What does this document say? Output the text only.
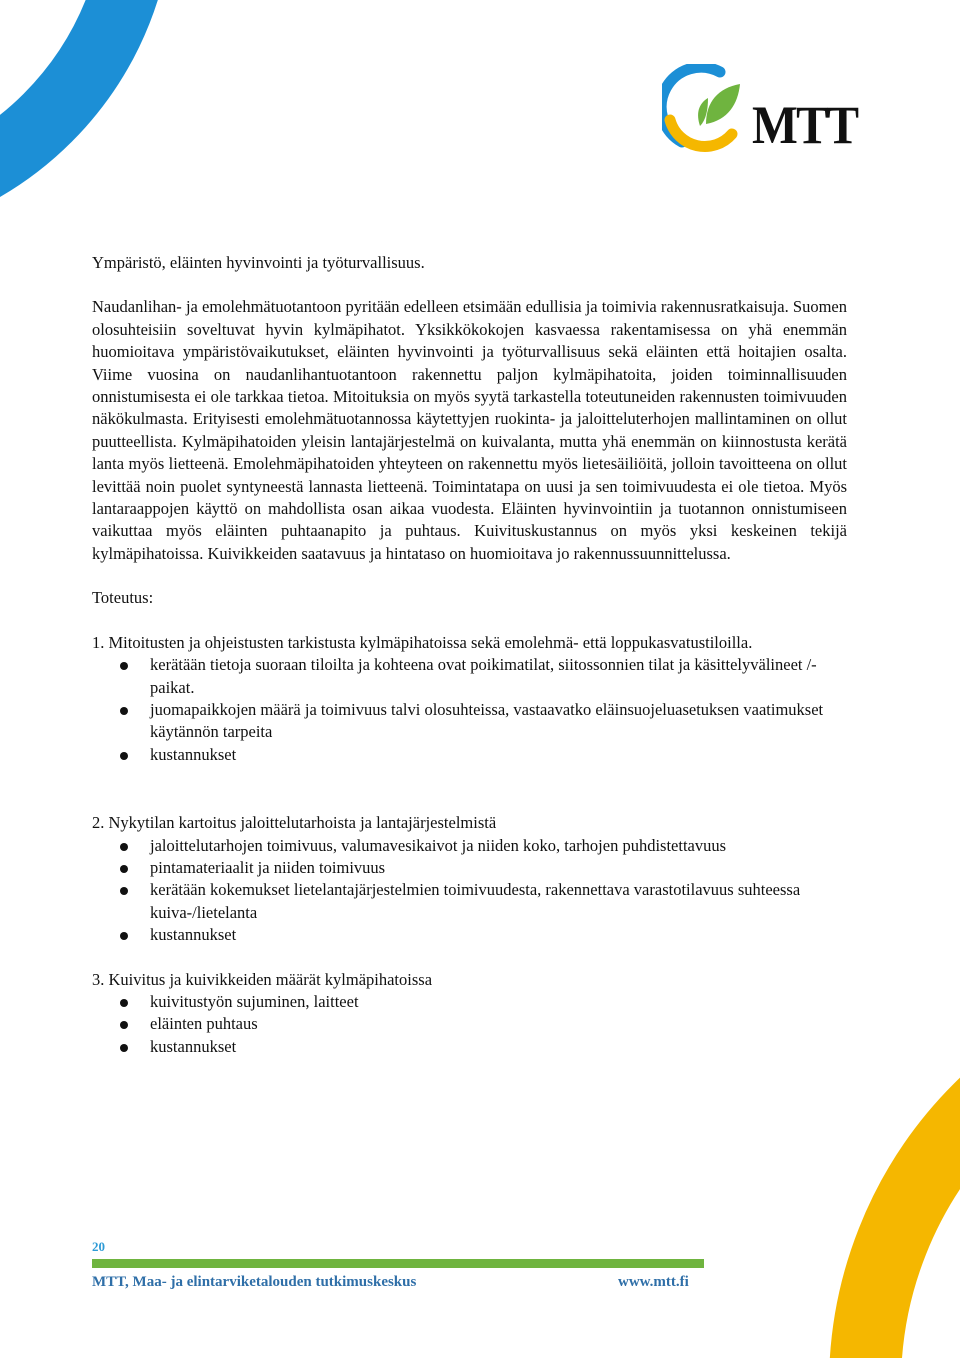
MTT

Ympäristö, eläinten hyvinvointi ja työturvallisuus.

Naudanlihan- ja emolehmätuotantoon pyritään edelleen etsimään edullisia ja toimivia rakennusratkaisuja. Suomen olosuhteisiin soveltuvat hyvin kylmäpihatot. Yksikkökokojen kasvaessa rakentamisessa on yhä enemmän huomioitava ympäristövaikutukset, eläinten hyvinvointi ja työturvallisuus sekä eläinten että hoitajien osalta. Viime vuosina on naudanlihantuotantoon rakennettu paljon kylmäpihatoita, joiden toiminnallisuuden onnistumisesta ei ole tarkkaa tietoa. Mitoituksia on myös syytä tarkastella toteutuneiden rakennusten toimivuuden näkökulmasta. Erityisesti emolehmätuotannossa käytettyjen ruokinta- ja jaloitteluterhojen mallintaminen on ollut puutteellista. Kylmäpihatoiden yleisin lantajärjestelmä on kuivalanta, mutta yhä enemmän on kiinnostusta kerätä lanta myös lietteenä. Emolehmäpihatoiden yhteyteen on rakennettu myös lietesäiliöitä, jolloin tavoitteena on ollut levittää noin puolet syntyneestä lannasta lietteenä. Toimintatapa on uusi ja sen toimivuudesta ei ole tietoa. Myös lantaraappojen käyttö on mahdollista osan aikaa vuodesta. Eläinten hyvinvointiin ja tuotannon onnistumiseen vaikuttaa myös eläinten puhtaanapito ja puhtaus. Kuivituskustannus on myös yksi keskeinen tekijä kylmäpihatoissa. Kuivikkeiden saatavuus ja hintataso on huomioitava jo rakennussuunnittelussa.

Toteutus:

1. Mitoitusten ja ohjeistusten tarkistusta kylmäpihatoissa sekä emolehmä- että loppukasvatustiloilla.

kerätään tietoja suoraan tiloilta ja kohteena ovat poikimatilat, siitossonnien tilat ja käsittelyvälineet /-paikat.
juomapaikkojen määrä ja toimivuus talvi olosuhteissa, vastaavatko eläinsuojeluasetuksen vaatimukset käytännön tarpeita
kustannukset

2. Nykytilan kartoitus jaloittelutarhoista ja lantajärjestelmistä

jaloittelutarhojen toimivuus, valumavesikaivot ja niiden koko, tarhojen puhdistettavuus
pintamateriaalit ja niiden toimivuus
kerätään kokemukset lietelantajärjestelmien toimivuudesta, rakennettava varastotilavuus suhteessa kuiva-/lietelanta
kustannukset

3. Kuivitus ja kuivikkeiden määrät kylmäpihatoissa

kuivitustyön sujuminen, laitteet
eläinten puhtaus
kustannukset
20
MTT, Maa- ja elintarviketalouden tutkimuskeskus	www.mtt.fi
